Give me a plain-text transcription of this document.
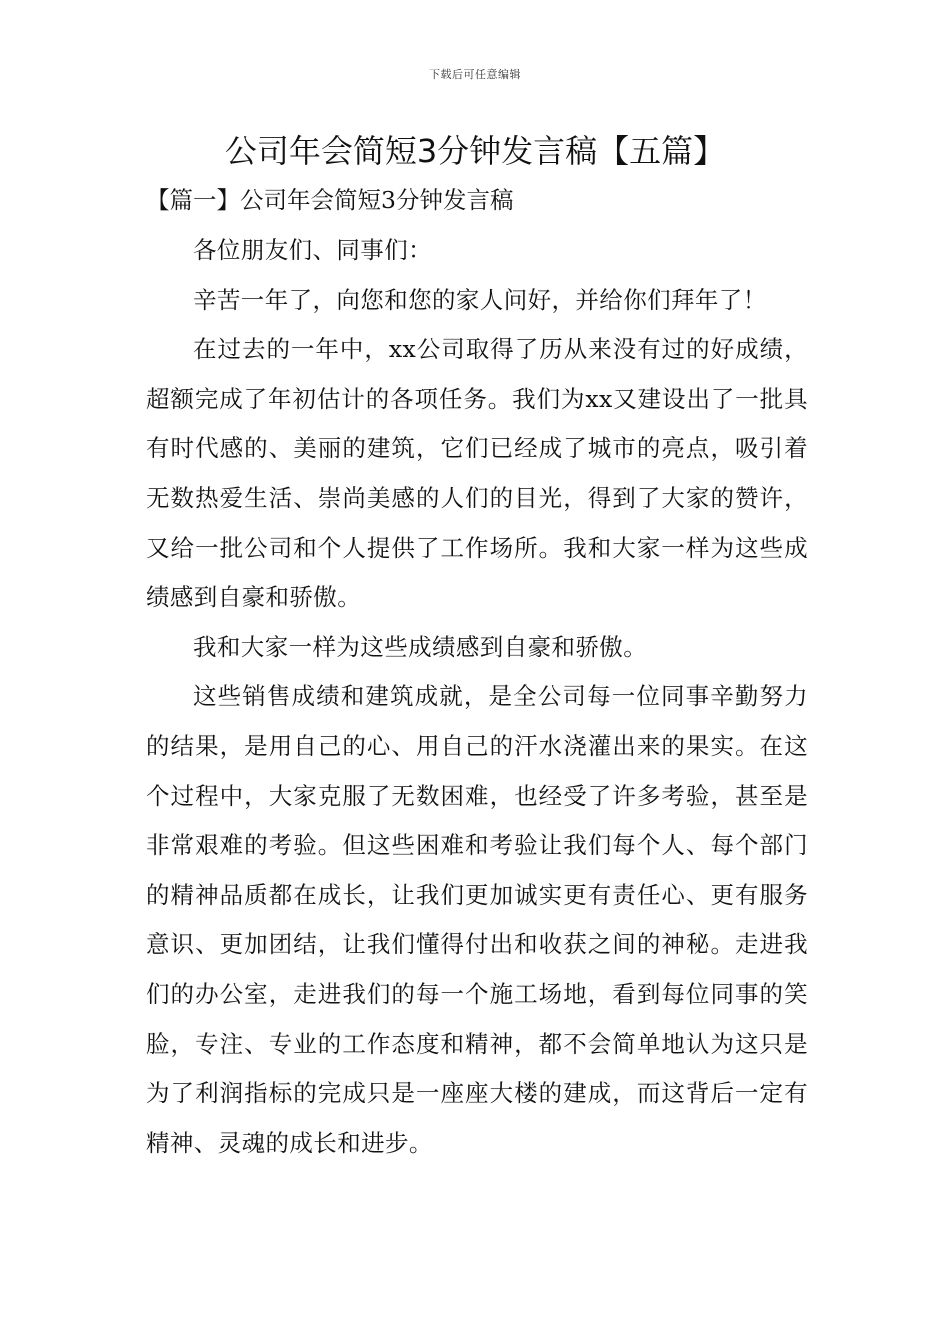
下载后可任意编辑
公司年会简短3分钟发言稿【五篇】
【篇一】公司年会简短3分钟发言稿

各位朋友们、同事们：

辛苦一年了，向您和您的家人问好，并给你们拜年了！

在过去的一年中，xx公司取得了历从来没有过的好成绩，超额完成了年初估计的各项任务。我们为xx又建设出了一批具有时代感的、美丽的建筑，它们已经成了城市的亮点，吸引着无数热爱生活、崇尚美感的人们的目光，得到了大家的赞许，又给一批公司和个人提供了工作场所。我和大家一样为这些成绩感到自豪和骄傲。

我和大家一样为这些成绩感到自豪和骄傲。

这些销售成绩和建筑成就，是全公司每一位同事辛勤努力的结果，是用自己的心、用自己的汗水浇灌出来的果实。在这个过程中，大家克服了无数困难，也经受了许多考验，甚至是非常艰难的考验。但这些困难和考验让我们每个人、每个部门的精神品质都在成长，让我们更加诚实更有责任心、更有服务意识、更加团结，让我们懂得付出和收获之间的神秘。走进我们的办公室，走进我们的每一个施工场地，看到每位同事的笑脸，专注、专业的工作态度和精神，都不会简单地认为这只是为了利润指标的完成只是一座座大楼的建成，而这背后一定有精神、灵魂的成长和进步。
